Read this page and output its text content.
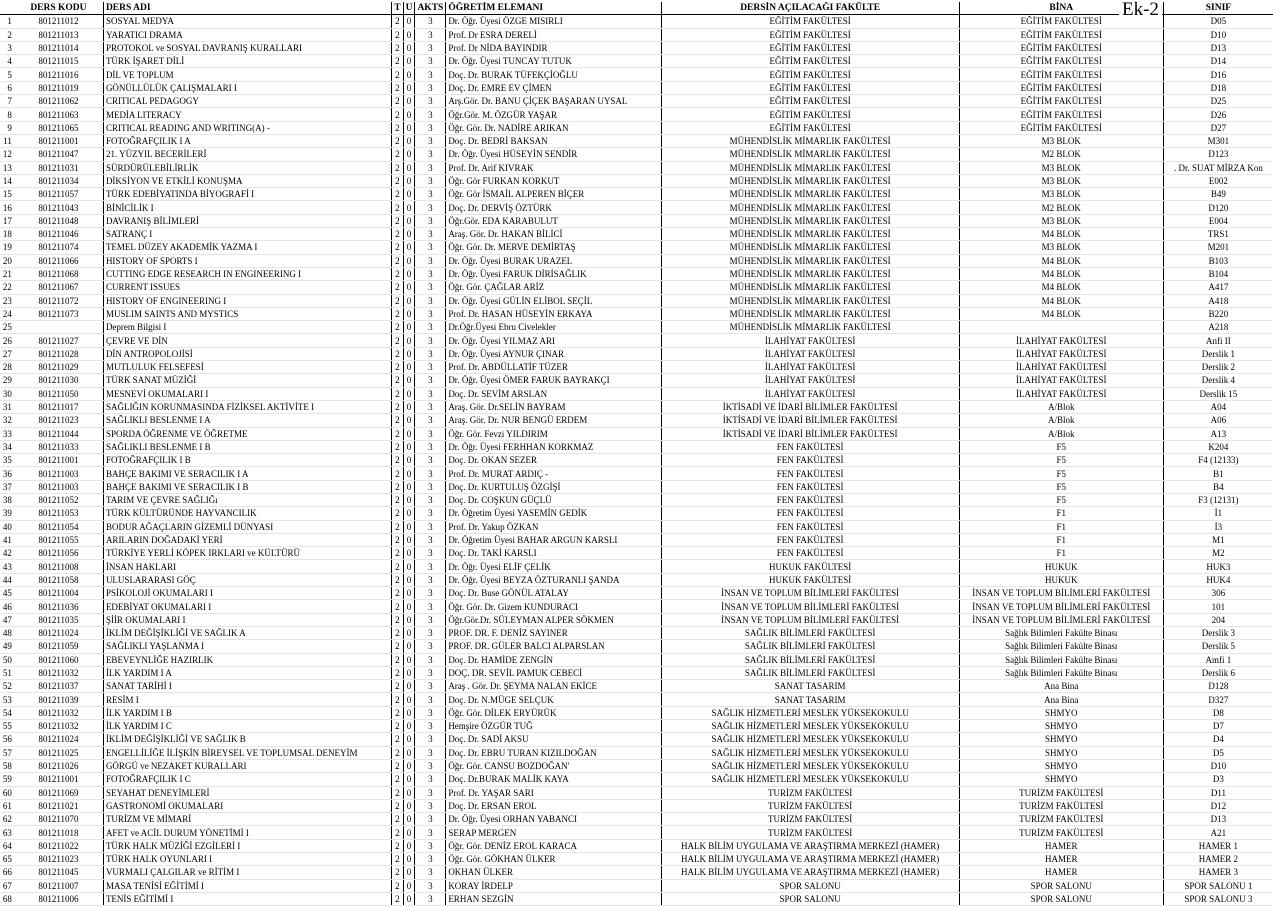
	DERS KODU	DERS ADI	T	U	AKTS	ÖĞRETİM ELEMANI	DERSİN AÇILACAĞI FAKÜLTE	BİNA	SINIF
1	801211012	SOSYAL MEDYA	2	0	3	Dr. Öğr. Üyesi ÖZGE MISIRLI	EĞİTİM FAKÜLTESİ	EĞİTİM FAKÜLTESİ	D05
2	801211013	YARATICI DRAMA	2	0	3	Prof. Dr ESRA DERELİ	EĞİTİM FAKÜLTESİ	EĞİTİM FAKÜLTESİ	D10
3	801211014	PROTOKOL ve SOSYAL DAVRANIŞ KURALLARI	2	0	3	Prof. Dr NİDA BAYINDIR	EĞİTİM FAKÜLTESİ	EĞİTİM FAKÜLTESİ	D13
4	801211015	TÜRK İŞARET DİLİ	2	0	3	Dr. Öğr. Üyesi TUNCAY TUTUK	EĞİTİM FAKÜLTESİ	EĞİTİM FAKÜLTESİ	D14
5	801211016	DİL VE TOPLUM	2	0	3	Doç. Dr. BURAK TÜFEKÇİOĞLU	EĞİTİM FAKÜLTESİ	EĞİTİM FAKÜLTESİ	D16
6	801211019	GÖNÜLLÜLÜK ÇALIŞMALARI I	2	0	3	Doç. Dr. EMRE EV ÇİMEN	EĞİTİM FAKÜLTESİ	EĞİTİM FAKÜLTESİ	D18
7	801211062	CRITICAL PEDAGOGY	2	0	3	Arş.Gör. Dr. BANU ÇİÇEK BAŞARAN UYSAL	EĞİTİM FAKÜLTESİ	EĞİTİM FAKÜLTESİ	D25
8	801211063	MEDİA LITERACY	2	0	3	Öğr.Gör. M. ÖZGÜR YAŞAR	EĞİTİM FAKÜLTESİ	EĞİTİM FAKÜLTESİ	D26
9	801211065	CRITICAL READING AND WRITING(A) -	2	0	3	Öğr. Gör. Dr. NADİRE ARIKAN	EĞİTİM FAKÜLTESİ	EĞİTİM FAKÜLTESİ	D27
11	801211001	FOTOĞRAFÇILIK I A	2	0	3	Doç. Dr. BEDRİ BAKSAN	MÜHENDİSLİK MİMARLIK FAKÜLTESİ	M3 BLOK	M301
12	801211047	21. YÜZYIL BECERİLERİ	2	0	3	Dr. Öğr. Üyesi HÜSEYİN SENDİR	MÜHENDİSLİK MİMARLIK FAKÜLTESİ	M2 BLOK	D123
13	801211031	SÜRDÜRÜLEBİLİRLİK	2	0	3	Prof. Dr. Arif KIVRAK	MÜHENDİSLİK MİMARLIK FAKÜLTESİ	M3 BLOK	. Dr. SUAT MİRZA Kon
14	801211034	DİKSİYON VE ETKİLİ KONUŞMA	2	0	3	Öğr. Gör FURKAN KORKUT	MÜHENDİSLİK MİMARLIK FAKÜLTESİ	M3 BLOK	E002
15	801211057	TÜRK EDEBİYATINDA BİYOGRAFİ I	2	0	3	Öğr. Gör İSMAİL ALPEREN BİÇER	MÜHENDİSLİK MİMARLIK FAKÜLTESİ	M3 BLOK	B49
16	801211043	BİNİCİLİK I	2	0	3	Doç. Dr. DERVİŞ ÖZTÜRK	MÜHENDİSLİK MİMARLIK FAKÜLTESİ	M2 BLOK	D120
17	801211048	DAVRANIŞ BİLİMLERİ	2	0	3	Öğr.Gör. EDA KARABULUT	MÜHENDİSLİK MİMARLIK FAKÜLTESİ	M3 BLOK	E004
18	801211046	SATRANÇ I	2	0	3	Araş. Gör. Dr. HAKAN BİLİCİ	MÜHENDİSLİK MİMARLIK FAKÜLTESİ	M4 BLOK	TRS1
19	801211074	TEMEL DÜZEY AKADEMİK YAZMA I	2	0	3	Öğr. Gör. Dr. MERVE DEMİRTAŞ	MÜHENDİSLİK MİMARLIK FAKÜLTESİ	M3 BLOK	M201
20	801211066	HISTORY OF SPORTS I	2	0	3	Dr. Öğr. Üyesi BURAK URAZEL	MÜHENDİSLİK MİMARLIK FAKÜLTESİ	M4 BLOK	B103
21	801211068	CUTTING EDGE RESEARCH IN ENGINEERING I	2	0	3	Dr. Öğr. Üyesi FARUK DİRİSAĞLIK	MÜHENDİSLİK MİMARLIK FAKÜLTESİ	M4 BLOK	B104
22	801211067	CURRENT ISSUES	2	0	3	Öğr. Gör. ÇAĞLAR ARİZ	MÜHENDİSLİK MİMARLIK FAKÜLTESİ	M4 BLOK	A417
23	801211072	HISTORY OF ENGINEERING I	2	0	3	Dr. Öğr. Üyesi GÜLİN ELİBOL SEÇİL	MÜHENDİSLİK MİMARLIK FAKÜLTESİ	M4 BLOK	A418
24	801211073	MUSLIM SAINTS AND MYSTICS	2	0	3	Prof. Dr. HASAN HÜSEYİN ERKAYA	MÜHENDİSLİK MİMARLIK FAKÜLTESİ	M4 BLOK	B220
25		Deprem Bilgisi I	2	0	3	Dr.Öğr.Üyesi Ebru Civelekler	MÜHENDİSLİK MİMARLIK FAKÜLTESİ		A218
26	801211027	ÇEVRE VE DİN	2	0	3	Dr. Öğr. Üyesi YILMAZ ARI	İLAHİYAT FAKÜLTESİ	İLAHİYAT FAKÜLTESİ	Anfi II
27	801211028	DİN ANTROPOLOJİSİ	2	0	3	Dr. Öğr. Üyesi AYNUR ÇINAR	İLAHİYAT FAKÜLTESİ	İLAHİYAT FAKÜLTESİ	Derslik 1
28	801211029	MUTLULUK FELSEFESİ	2	0	3	Prof. Dr. ABDÜLLATİF TÜZER	İLAHİYAT FAKÜLTESİ	İLAHİYAT FAKÜLTESİ	Derslik 2
29	801211030	TÜRK SANAT MÜZİĞİ	2	0	3	Dr. Öğr. Üyesi ÖMER FARUK BAYRAKÇI	İLAHİYAT FAKÜLTESİ	İLAHİYAT FAKÜLTESİ	Derslik 4
30	801211050	MESNEVİ OKUMALARI I	2	0	3	Doç. Dr. SEVİM ARSLAN	İLAHİYAT FAKÜLTESİ	İLAHİYAT FAKÜLTESİ	Derslik 15
31	801211017	SAĞLIĞIN KORUNMASINDA FİZİKSEL AKTİVİTE I	2	0	3	Araş. Gör. Dr.SELİN BAYRAM	İKTİSADİ VE İDARİ BİLİMLER FAKÜLTESİ	A/Blok	A04
32	801211023	SAĞLIKLI BESLENME I A	2	0	3	Araş. Gör. Dr. NUR BENGÜ ERDEM	İKTİSADİ VE İDARİ BİLİMLER FAKÜLTESİ	A/Blok	A06
33	801211044	SPORDA ÖĞRENME VE ÖĞRETME	2	0	3	Öğr. Gör. Fevzi YILDIRIM	İKTİSADİ VE İDARİ BİLİMLER FAKÜLTESİ	A/Blok	A13
34	801211033	SAĞLIKLI BESLENME I B	2	0	3	Dr. Öğr. Üyesi FERHHAN KORKMAZ	FEN FAKÜLTESİ	F5	K204
35	801211001	FOTOĞRAFÇILIK I B	2	0	3	Doç. Dr. OKAN SEZER	FEN FAKÜLTESİ	F5	F4 (12133)
36	801211003	BAHÇE BAKIMI VE SERACILIK I A	2	0	3	Prof. Dr. MURAT ARDIÇ -	FEN FAKÜLTESİ	F5	B1
37	801211003	BAHÇE BAKIMI VE SERACILIK I B	2	0	3	Doç. Dr. KURTULUŞ ÖZGİŞİ	FEN FAKÜLTESİ	F5	B4
38	801211052	TARIM VE ÇEVRE SAĞLIĞı	2	0	3	Doç. Dr. COŞKUN GÜÇLÜ	FEN FAKÜLTESİ	F5	F3 (12131)
39	801211053	TÜRK KÜLTÜRÜNDE HAYVANCILIK	2	0	3	Dr. Öğretim Üyesi YASEMİN GEDİK	FEN FAKÜLTESİ	F1	İ1
40	801211054	BODUR AĞAÇLARIN GİZEMLİ DÜNYASI	2	0	3	Prof. Dr. Yakup ÖZKAN	FEN FAKÜLTESİ	F1	İ3
41	801211055	ARILARIN DOĞADAKİ YERİ	2	0	3	Dr. Öğretim Üyesi BAHAR ARGUN KARSLI	FEN FAKÜLTESİ	F1	M1
42	801211056	TÜRKİYE YERLİ KÖPEK IRKLARI ve KÜLTÜRÜ	2	0	3	Doç. Dr. TAKİ KARSLI	FEN FAKÜLTESİ	F1	M2
43	801211008	İNSAN HAKLARI	2	0	3	Dr. Öğr. Üyesi ELİF ÇELİK	HUKUK FAKÜLTESİ	HUKUK	HUK3
44	801211058	ULUSLARARASI GÖÇ	2	0	3	Dr. Öğr. Üyesi BEYZA ÖZTURANLI ŞANDA	HUKUK FAKÜLTESİ	HUKUK	HUK4
45	801211004	PSİKOLOJİ OKUMALARI I	2	0	3	Doç. Dr. Buse GÖNÜL ATALAY	İNSAN VE TOPLUM BİLİMLERİ FAKÜLTESİ	İNSAN VE TOPLUM BİLİMLERİ FAKÜLTESİ	306
46	801211036	EDEBİYAT OKUMALARI I	2	0	3	Öğr. Gör. Dr. Gizem KUNDURACI	İNSAN VE TOPLUM BİLİMLERİ FAKÜLTESİ	İNSAN VE TOPLUM BİLİMLERİ FAKÜLTESİ	101
47	801211035	ŞİİR OKUMALARI I	2	0	3	Öğr.Gör.Dr. SÜLEYMAN ALPER SÖKMEN	İNSAN VE TOPLUM BİLİMLERİ FAKÜLTESİ	İNSAN VE TOPLUM BİLİMLERİ FAKÜLTESİ	204
48	801211024	İKLİM DEĞİŞİKLİĞİ VE SAĞLIK A	2	0	3	PROF. DR. F. DENİZ SAYINER	SAĞLIK BİLİMLERİ FAKÜLTESİ	Sağlık Bilimleri Fakülte Binası	Derslik 3
49	801211059	SAĞLIKLI YAŞLANMA I	2	0	3	PROF. DR. GÜLER BALCI ALPARSLAN	SAĞLIK BİLİMLERİ FAKÜLTESİ	Sağlık Bilimleri Fakülte Binası	Derslik 5
50	801211060	EBEVEYNLİĞE HAZIRLIK	2	0	3	Doç. Dr. HAMİDE ZENGİN	SAĞLIK BİLİMLERİ FAKÜLTESİ	Sağlık Bilimleri Fakülte Binası	Amfi 1
51	801211032	İLK YARDIM I A	2	0	3	DOÇ. DR. SEVİL PAMUK CEBECİ	SAĞLIK BİLİMLERİ FAKÜLTESİ	Sağlık Bilimleri Fakülte Binası	Derslik 6
52	801211037	SANAT TARİHİ I	2	0	3	Araş . Gör. Dr. ŞEYMA NALAN EKİCE	SANAT TASARIM	Ana Bina	D128
53	801211039	RESİM I	2	0	3	Doç. Dr. N.MÜGE SELÇUK	SANAT TASARIM	Ana Bina	D327
54	801211032	İLK YARDIM I B	2	0	3	Öğr. Gör. DİLEK ERYÜRÜK	SAĞLIK HİZMETLERİ MESLEK YÜKSEKOKULU	SHMYO	D8
55	801211032	İLK YARDIM I C	2	0	3	Hemşire ÖZGÜR TUĞ	SAĞLIK HİZMETLERİ MESLEK YÜKSEKOKULU	SHMYO	D7
56	801211024	İKLİM DEĞİŞİKLİĞİ VE SAĞLIK B	2	0	3	Doç. Dr. SADİ AKSU	SAĞLIK HİZMETLERİ MESLEK YÜKSEKOKULU	SHMYO	D4
57	801211025	ENGELLİLİĞE İLİŞKİN BİREYSEL VE TOPLUMSAL DENEYİM	2	0	3	Doç. Dr. EBRU TURAN KIZILDOĞAN	SAĞLIK HİZMETLERİ MESLEK YÜKSEKOKULU	SHMYO	D5
58	801211026	GÖRGÜ ve NEZAKET KURALLARI	2	0	3	Öğr. Gör. CANSU BOZDOĞAN'	SAĞLIK HİZMETLERİ MESLEK YÜKSEKOKULU	SHMYO	D10
59	801211001	FOTOĞRAFÇILIK I C	2	0	3	Doç. Dr.BURAK MALİK KAYA	SAĞLIK HİZMETLERİ MESLEK YÜKSEKOKULU	SHMYO	D3
60	801211069	SEYAHAT DENEYİMLERİ	2	0	3	Prof. Dr. YAŞAR SARI	TURİZM FAKÜLTESİ	TURİZM FAKÜLTESİ	D11
61	801211021	GASTRONOMİ OKUMALARI	2	0	3	Doç. Dr. ERSAN EROL	TURİZM FAKÜLTESİ	TURİZM FAKÜLTESİ	D12
62	801211070	TURİZM VE MİMARİ	2	0	3	Dr. Öğr. Üyesi ORHAN YABANCI	TURİZM FAKÜLTESİ	TURİZM FAKÜLTESİ	D13
63	801211018	AFET ve ACİL DURUM YÖNETİMİ I	2	0	3	SERAP MERGEN	TURİZM FAKÜLTESİ	TURİZM FAKÜLTESİ	A21
64	801211022	TÜRK HALK MÜZİĞİ EZGİLERİ I	2	0	3	Öğr. Gör. DENİZ EROL KARACA	HALK BİLİM UYGULAMA VE ARAŞTIRMA MERKEZİ (HAMER)	HAMER	HAMER 1
65	801211023	TÜRK HALK OYUNLARI I	2	0	3	Öğr. Gör. GÖKHAN ÜLKER	HALK BİLİM UYGULAMA VE ARAŞTIRMA MERKEZİ (HAMER)	HAMER	HAMER 2
66	801211045	VURMALI ÇALGILAR ve RİTİM I	2	0	3	OKHAN ÜLKER	HALK BİLİM UYGULAMA VE ARAŞTIRMA MERKEZİ (HAMER)	HAMER	HAMER 3
67	801211007	MASA TENİSİ EĞİTİMİ I	2	0	3	KORAY İRDELP	SPOR SALONU	SPOR SALONU	SPOR SALONU 1
68	801211006	TENİS EĞİTİMİ I	2	0	3	ERHAN SEZGİN	SPOR SALONU	SPOR SALONU	SPOR SALONU 3
Ek-2
